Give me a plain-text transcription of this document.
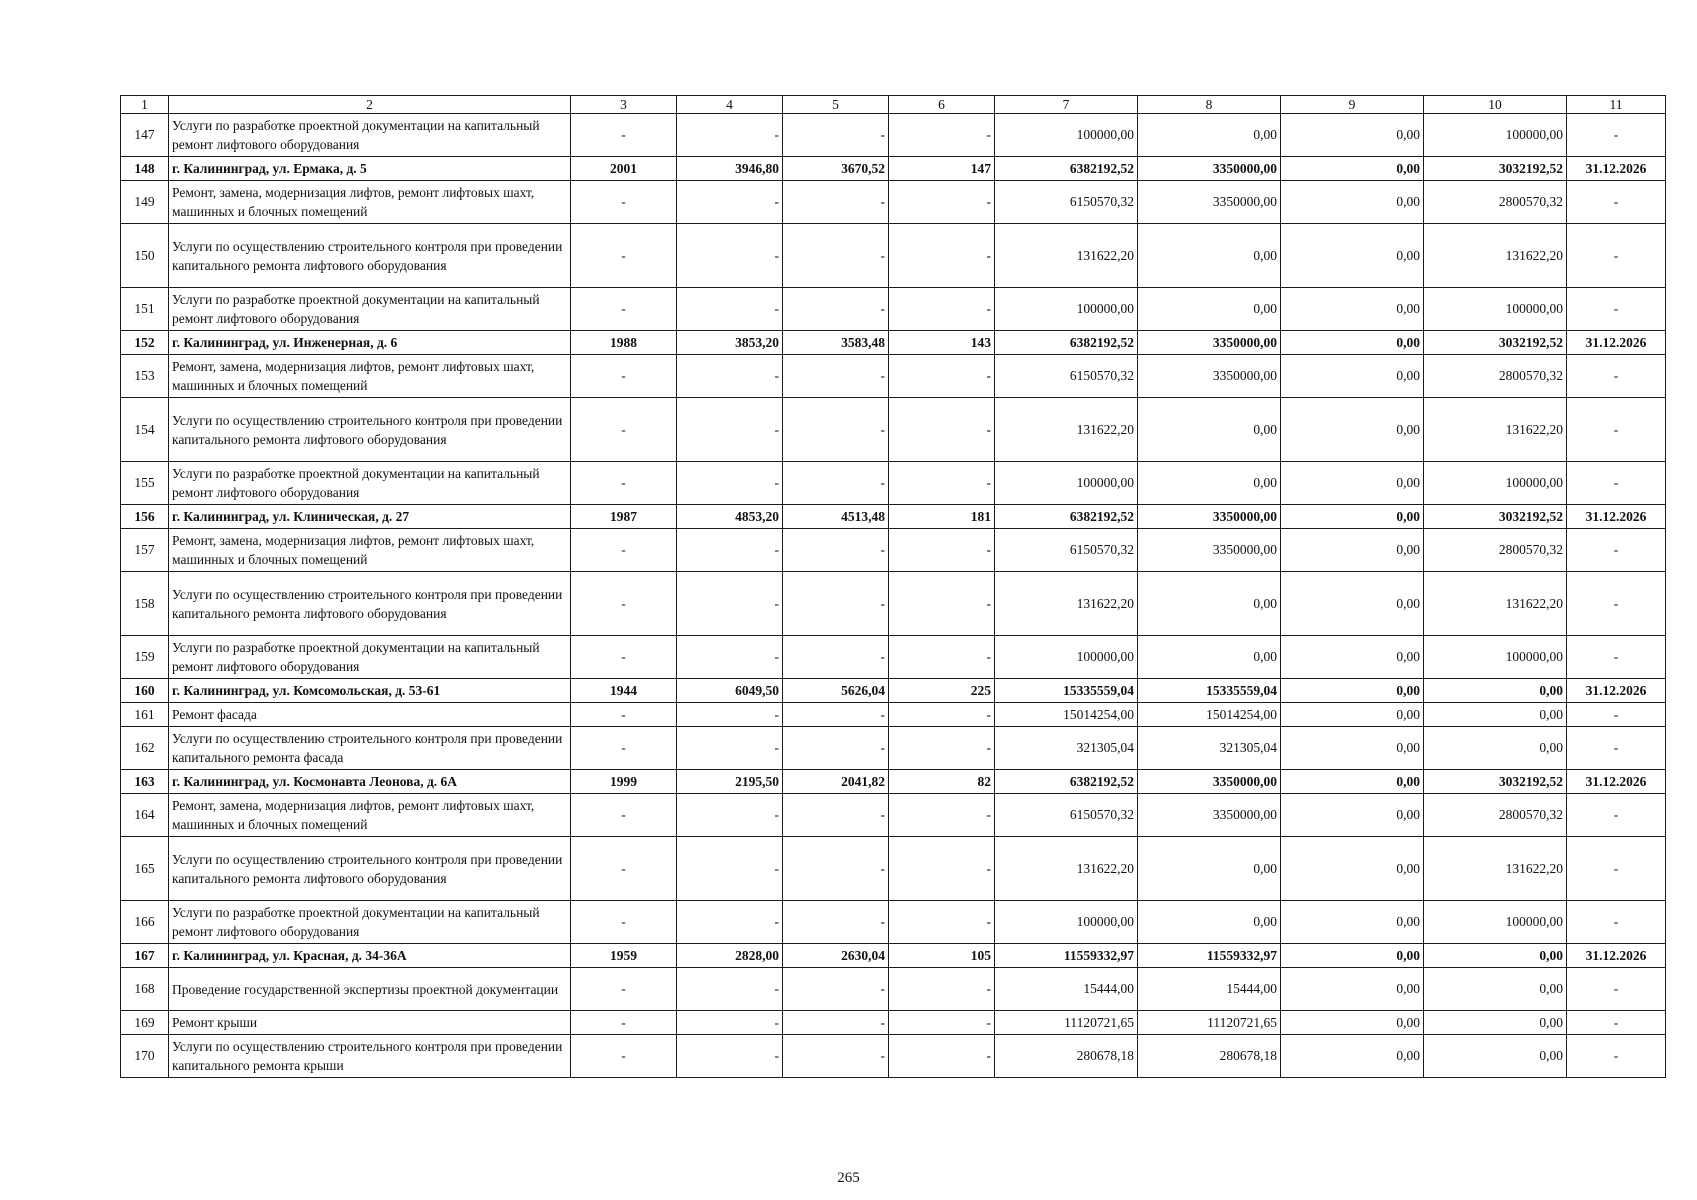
1	2	3	4	5	6	7	8	9	10	11
147	Услуги по разработке проектной документации на капитальный ремонт лифтового оборудования	-	-	-	-	100000,00	0,00	0,00	100000,00	-
148	г. Калининград, ул. Ермака, д. 5	2001	3946,80	3670,52	147	6382192,52	3350000,00	0,00	3032192,52	31.12.2026
149	Ремонт, замена, модернизация лифтов, ремонт лифтовых шахт, машинных и блочных помещений	-	-	-	-	6150570,32	3350000,00	0,00	2800570,32	-
150	Услуги по осуществлению строительного контроля при проведении капитального ремонта лифтового оборудования	-	-	-	-	131622,20	0,00	0,00	131622,20	-
151	Услуги по разработке проектной документации на капитальный ремонт лифтового оборудования	-	-	-	-	100000,00	0,00	0,00	100000,00	-
152	г. Калининград, ул. Инженерная, д. 6	1988	3853,20	3583,48	143	6382192,52	3350000,00	0,00	3032192,52	31.12.2026
153	Ремонт, замена, модернизация лифтов, ремонт лифтовых шахт, машинных и блочных помещений	-	-	-	-	6150570,32	3350000,00	0,00	2800570,32	-
154	Услуги по осуществлению строительного контроля при проведении капитального ремонта лифтового оборудования	-	-	-	-	131622,20	0,00	0,00	131622,20	-
155	Услуги по разработке проектной документации на капитальный ремонт лифтового оборудования	-	-	-	-	100000,00	0,00	0,00	100000,00	-
156	г. Калининград, ул. Клиническая, д. 27	1987	4853,20	4513,48	181	6382192,52	3350000,00	0,00	3032192,52	31.12.2026
157	Ремонт, замена, модернизация лифтов, ремонт лифтовых шахт, машинных и блочных помещений	-	-	-	-	6150570,32	3350000,00	0,00	2800570,32	-
158	Услуги по осуществлению строительного контроля при проведении капитального ремонта лифтового оборудования	-	-	-	-	131622,20	0,00	0,00	131622,20	-
159	Услуги по разработке проектной документации на капитальный ремонт лифтового оборудования	-	-	-	-	100000,00	0,00	0,00	100000,00	-
160	г. Калининград, ул. Комсомольская, д. 53-61	1944	6049,50	5626,04	225	15335559,04	15335559,04	0,00	0,00	31.12.2026
161	Ремонт фасада	-	-	-	-	15014254,00	15014254,00	0,00	0,00	-
162	Услуги по осуществлению строительного контроля при проведении капитального ремонта фасада	-	-	-	-	321305,04	321305,04	0,00	0,00	-
163	г. Калининград, ул. Космонавта Леонова, д. 6А	1999	2195,50	2041,82	82	6382192,52	3350000,00	0,00	3032192,52	31.12.2026
164	Ремонт, замена, модернизация лифтов, ремонт лифтовых шахт, машинных и блочных помещений	-	-	-	-	6150570,32	3350000,00	0,00	2800570,32	-
165	Услуги по осуществлению строительного контроля при проведении капитального ремонта лифтового оборудования	-	-	-	-	131622,20	0,00	0,00	131622,20	-
166	Услуги по разработке проектной документации на капитальный ремонт лифтового оборудования	-	-	-	-	100000,00	0,00	0,00	100000,00	-
167	г. Калининград, ул. Красная, д. 34-36А	1959	2828,00	2630,04	105	11559332,97	11559332,97	0,00	0,00	31.12.2026
168	Проведение государственной экспертизы проектной документации	-	-	-	-	15444,00	15444,00	0,00	0,00	-
169	Ремонт крыши	-	-	-	-	11120721,65	11120721,65	0,00	0,00	-
170	Услуги по осуществлению строительного контроля при проведении капитального ремонта крыши	-	-	-	-	280678,18	280678,18	0,00	0,00	-
265
